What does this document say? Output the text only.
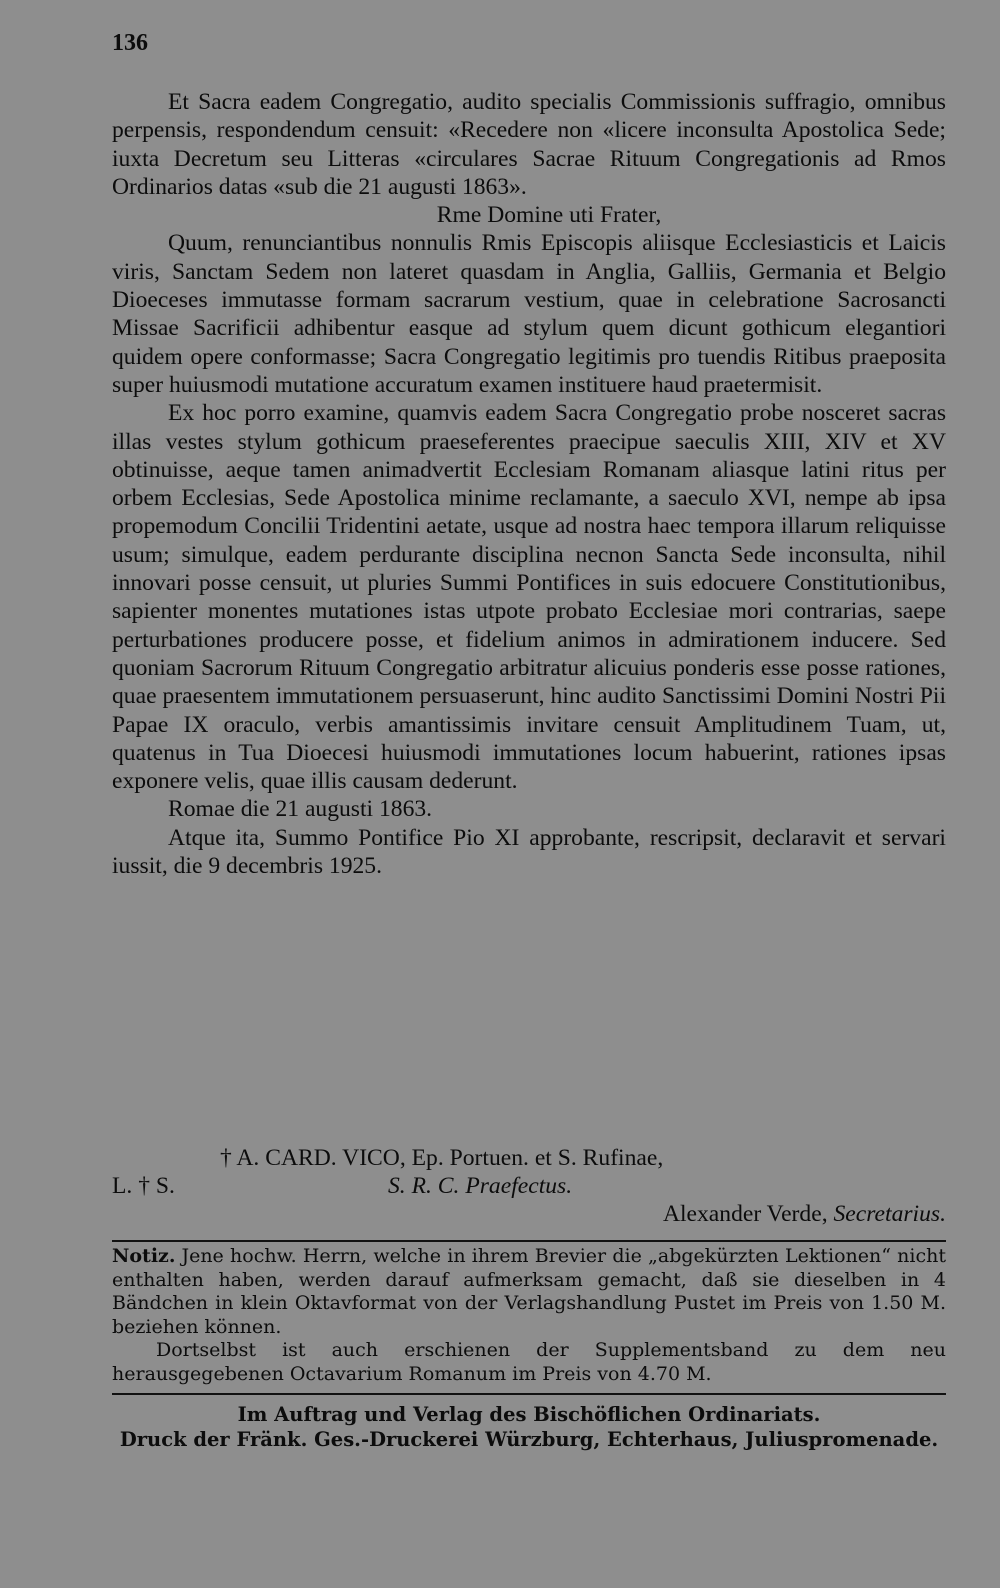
136

Et Sacra eadem Congregatio, audito specialis Commissionis suffragio, omnibus perpensis, respondendum censuit: «Recedere non «licere inconsulta Apostolica Sede; iuxta Decretum seu Litteras «circulares Sacrae Rituum Congregationis ad Rmos Ordinarios datas «sub die 21 augusti 1863».

Rme Domine uti Frater,

Quum, renunciantibus nonnulis Rmis Episcopis aliisque Ecclesiasticis et Laicis viris, Sanctam Sedem non lateret quasdam in Anglia, Galliis, Germania et Belgio Dioeceses immutasse formam sacrarum vestium, quae in celebratione Sacrosancti Missae Sacrificii adhibentur easque ad stylum quem dicunt gothicum elegantiori quidem opere conformasse; Sacra Congregatio legitimis pro tuendis Ritibus praeposita super huiusmodi mutatione accuratum examen instituere haud praetermisit.

Ex hoc porro examine, quamvis eadem Sacra Congregatio probe nosceret sacras illas vestes stylum gothicum praeseferentes praecipue saeculis XIII, XIV et XV obtinuisse, aeque tamen animadvertit Ecclesiam Romanam aliasque latini ritus per orbem Ecclesias, Sede Apostolica minime reclamante, a saeculo XVI, nempe ab ipsa propemodum Concilii Tridentini aetate, usque ad nostra haec tempora illarum reliquisse usum; simulque, eadem perdurante disciplina necnon Sancta Sede inconsulta, nihil innovari posse censuit, ut pluries Summi Pontifices in suis edocuere Constitutionibus, sapienter monentes mutationes istas utpote probato Ecclesiae mori contrarias, saepe perturbationes producere posse, et fidelium animos in admirationem inducere. Sed quoniam Sacrorum Rituum Congregatio arbitratur alicuius ponderis esse posse rationes, quae praesentem immutationem persuaserunt, hinc audito Sanctissimi Domini Nostri Pii Papae IX oraculo, verbis amantissimis invitare censuit Amplitudinem Tuam, ut, quatenus in Tua Dioecesi huiusmodi immutationes locum habuerint, rationes ipsas exponere velis, quae illis causam dederunt.

Romae die 21 augusti 1863.

Atque ita, Summo Pontifice Pio XI approbante, rescripsit, declaravit et servari iussit, die 9 decembris 1925.

† A. CARD. VICO, Ep. Portuen. et S. Rufinae,
L. † S.	S. R. C. Praefectus.
Alexander Verde, Secretarius.

Notiz. Jene hochw. Herrn, welche in ihrem Brevier die „abgekürzten Lektionen“ nicht enthalten haben, werden darauf aufmerksam gemacht, daß sie dieselben in 4 Bändchen in klein Oktavformat von der Verlagshandlung Pustet im Preis von 1.50 M. beziehen können.

Dortselbst ist auch erschienen der Supplementsband zu dem neu herausgegebenen Octavarium Romanum im Preis von 4.70 M.

Im Auftrag und Verlag des Bischöflichen Ordinariats.
Druck der Fränk. Ges.-Druckerei Würzburg, Echterhaus, Juliuspromenade.
